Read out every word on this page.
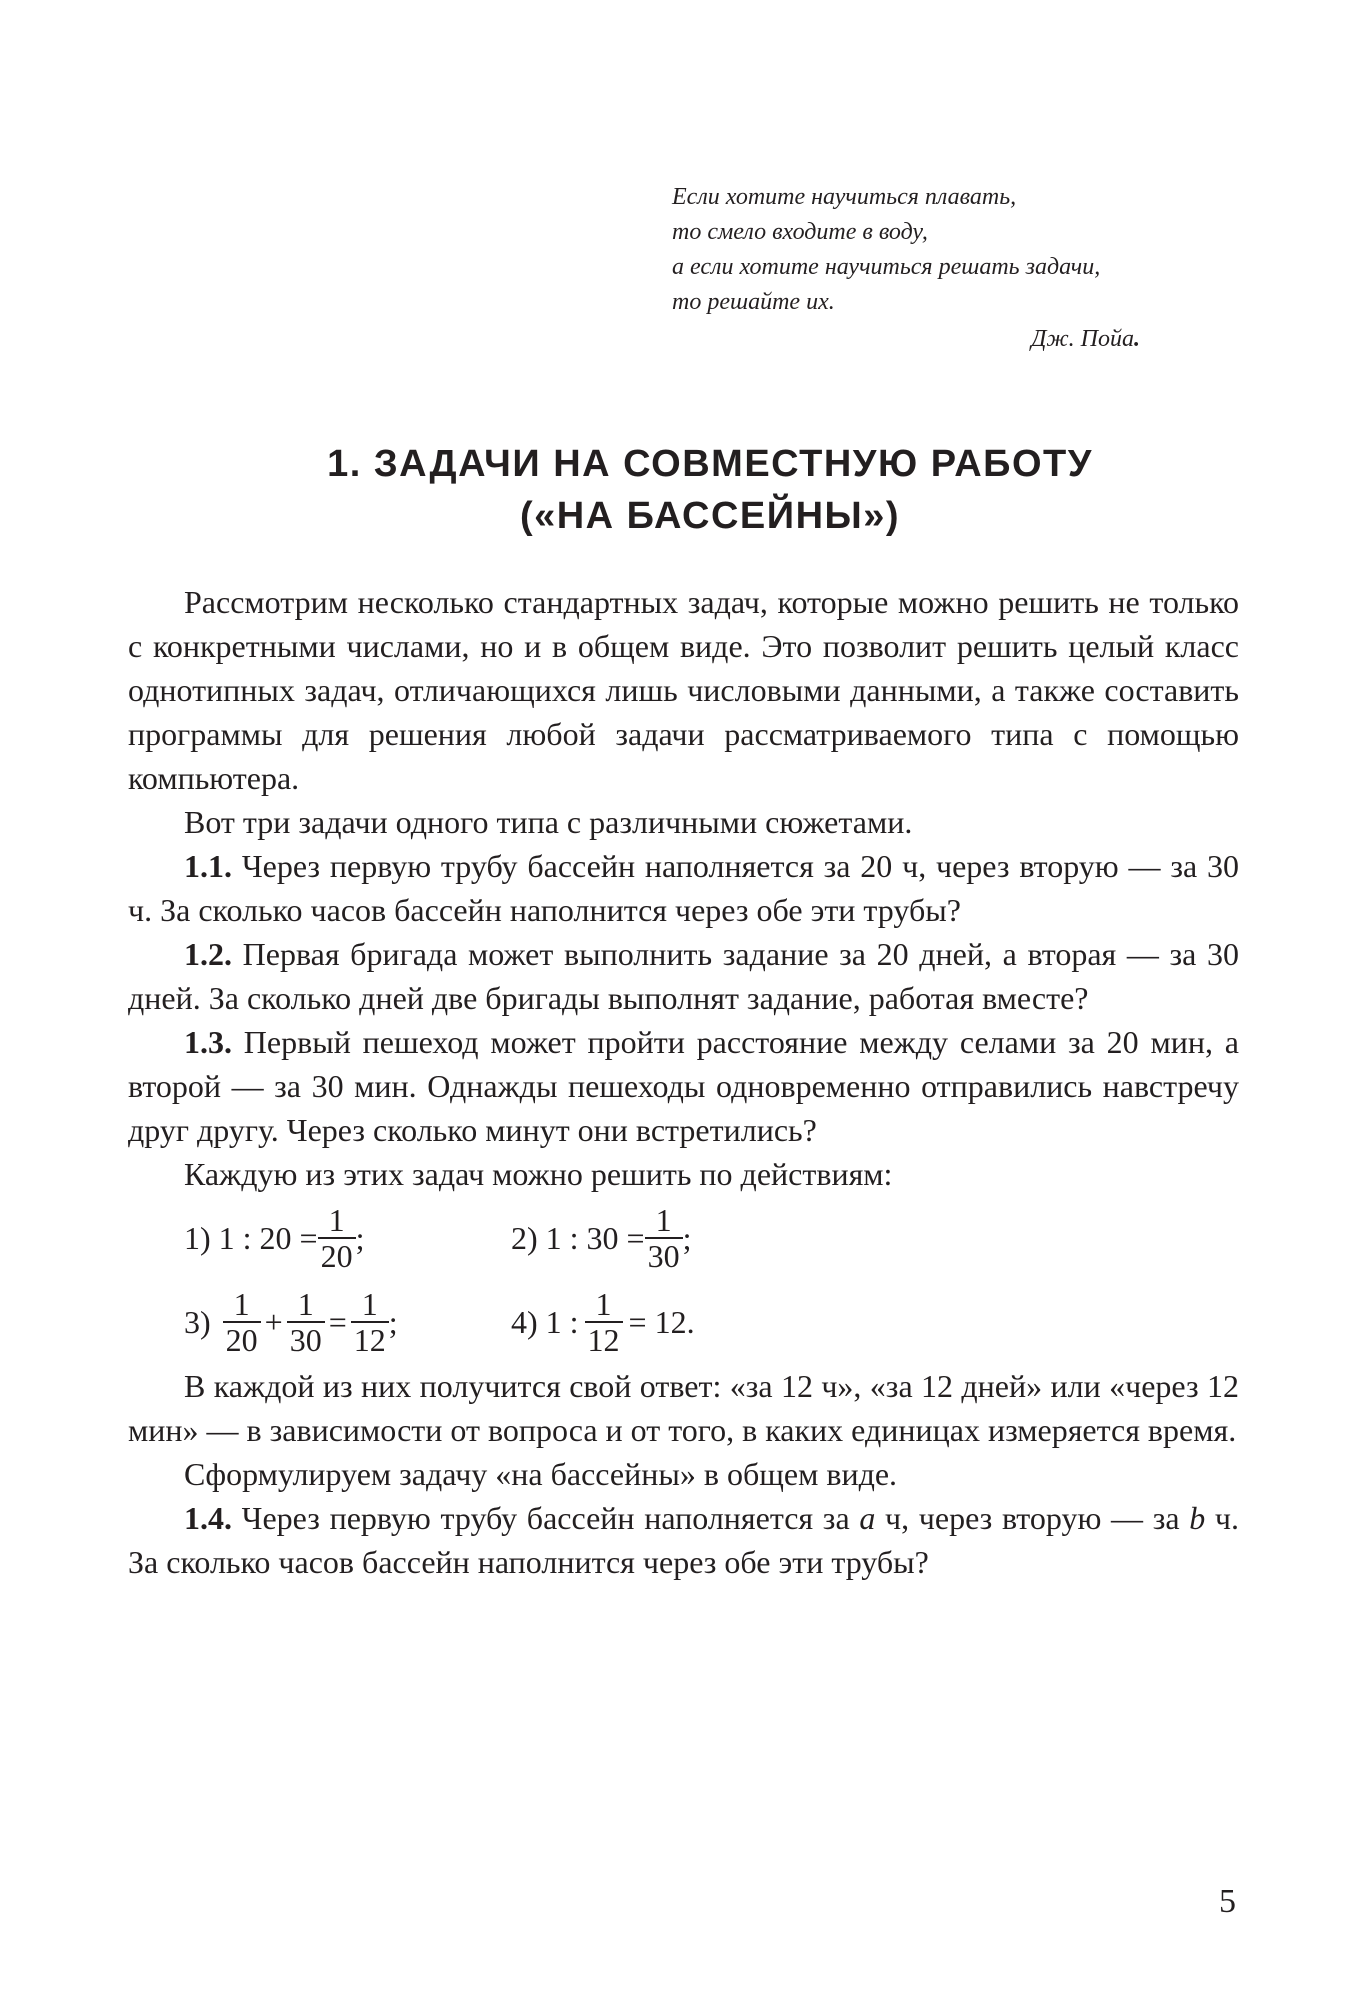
Если хотите научиться плавать,
то смело входите в воду,
а если хотите научиться решать задачи,
то решайте их.
Дж. Пойа.
1. ЗАДАЧИ НА СОВМЕСТНУЮ РАБОТУ
(«НА БАССЕЙНЫ»)

Рассмотрим несколько стандартных задач, которые можно решить не только с конкретными числами, но и в общем виде. Это позволит решить целый класс однотипных задач, отличающихся лишь числовыми данными, а также составить программы для решения любой задачи рассматриваемого типа с помощью компьютера.

Вот три задачи одного типа с различными сюжетами.

1.1. Через первую трубу бассейн наполняется за 20 ч, через вторую — за 30 ч. За сколько часов бассейн наполнится через обе эти трубы?

1.2. Первая бригада может выполнить задание за 20 дней, а вторая — за 30 дней. За сколько дней две бригады выполнят задание, работая вместе?

1.3. Первый пешеход может пройти расстояние между селами за 20 мин, а второй — за 30 мин. Однажды пешеходы одновременно отправились навстречу друг другу. Через сколько минут они встретились?

Каждую из этих задач можно решить по действиям:

1) 1 : $20 = \frac{1}{20}$ ;	2) 1 : $30 = \frac{1}{30}$ ;
$3) \frac{1}{20} + \frac{1}{30} = \frac{1}{12}$ ;	4) 1 : $\frac{1}{12} = 12$.

В каждой из них получится свой ответ: «за 12 ч», «за 12 дней» или «через 12 мин» — в зависимости от вопроса и от того, в каких единицах измеряется время.

Сформулируем задачу «на бассейны» в общем виде.

1.4. Через первую трубу бассейн наполняется за a ч, через вторую — за b ч. За сколько часов бассейн наполнится через обе эти трубы?

5
